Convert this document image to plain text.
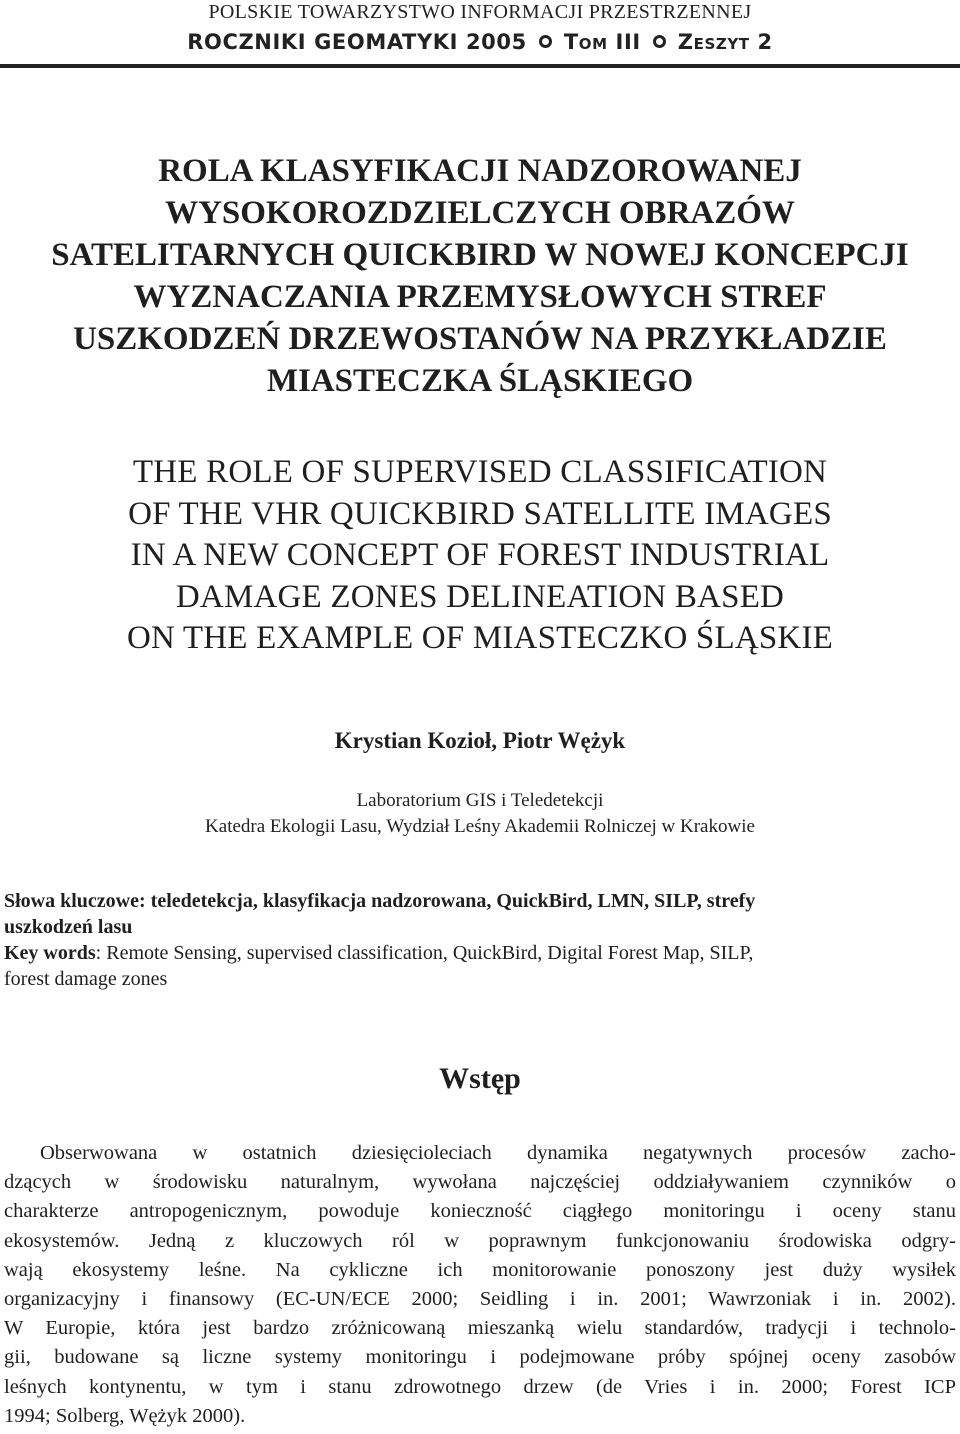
POLSKIE TOWARZYSTWO INFORMACJI PRZESTRZENNEJ
ROCZNIKI GEOMATYKI 2005 Tom III Zeszyt 2
ROLA KLASYFIKACJI NADZOROWANEJ
WYSOKOROZDZIELCZYCH OBRAZÓW
SATELITARNYCH QUICKBIRD W NOWEJ KONCEPCJI
WYZNACZANIA PRZEMYSŁOWYCH STREF
USZKODZEŃ DRZEWOSTANÓW NA PRZYKŁADZIE
MIASTECZKA ŚLĄSKIEGO
THE ROLE OF SUPERVISED CLASSIFICATION
OF THE VHR QUICKBIRD SATELLITE IMAGES
IN A NEW CONCEPT OF FOREST INDUSTRIAL
DAMAGE ZONES DELINEATION BASED
ON THE EXAMPLE OF MIASTECZKO ŚLĄSKIE
Krystian Kozioł, Piotr Wężyk
Laboratorium GIS i Teledetekcji
Katedra Ekologii Lasu, Wydział Leśny Akademii Rolniczej w Krakowie
Słowa kluczowe: teledetekcja, klasyfikacja nadzorowana, QuickBird, LMN, SILP, strefy
uszkodzeń lasu
Key words: Remote Sensing, supervised classification, QuickBird, Digital Forest Map, SILP,
forest damage zones
Wstęp
Obserwowana w ostatnich dziesięcioleciach dynamika negatywnych procesów zacho-
dzących w środowisku naturalnym, wywołana najczęściej oddziaływaniem czynników o
charakterze antropogenicznym, powoduje konieczność ciągłego monitoringu i oceny stanu
ekosystemów. Jedną z kluczowych ról w poprawnym funkcjonowaniu środowiska odgry-
wają ekosystemy leśne. Na cykliczne ich monitorowanie ponoszony jest duży wysiłek
organizacyjny i finansowy (EC-UN/ECE 2000; Seidling i in. 2001; Wawrzoniak i in. 2002).
W Europie, która jest bardzo zróżnicowaną mieszanką wielu standardów, tradycji i technolo-
gii, budowane są liczne systemy monitoringu i podejmowane próby spójnej oceny zasobów
leśnych kontynentu, w tym i stanu zdrowotnego drzew (de Vries i in. 2000; Forest ICP
1994; Solberg, Wężyk 2000).
